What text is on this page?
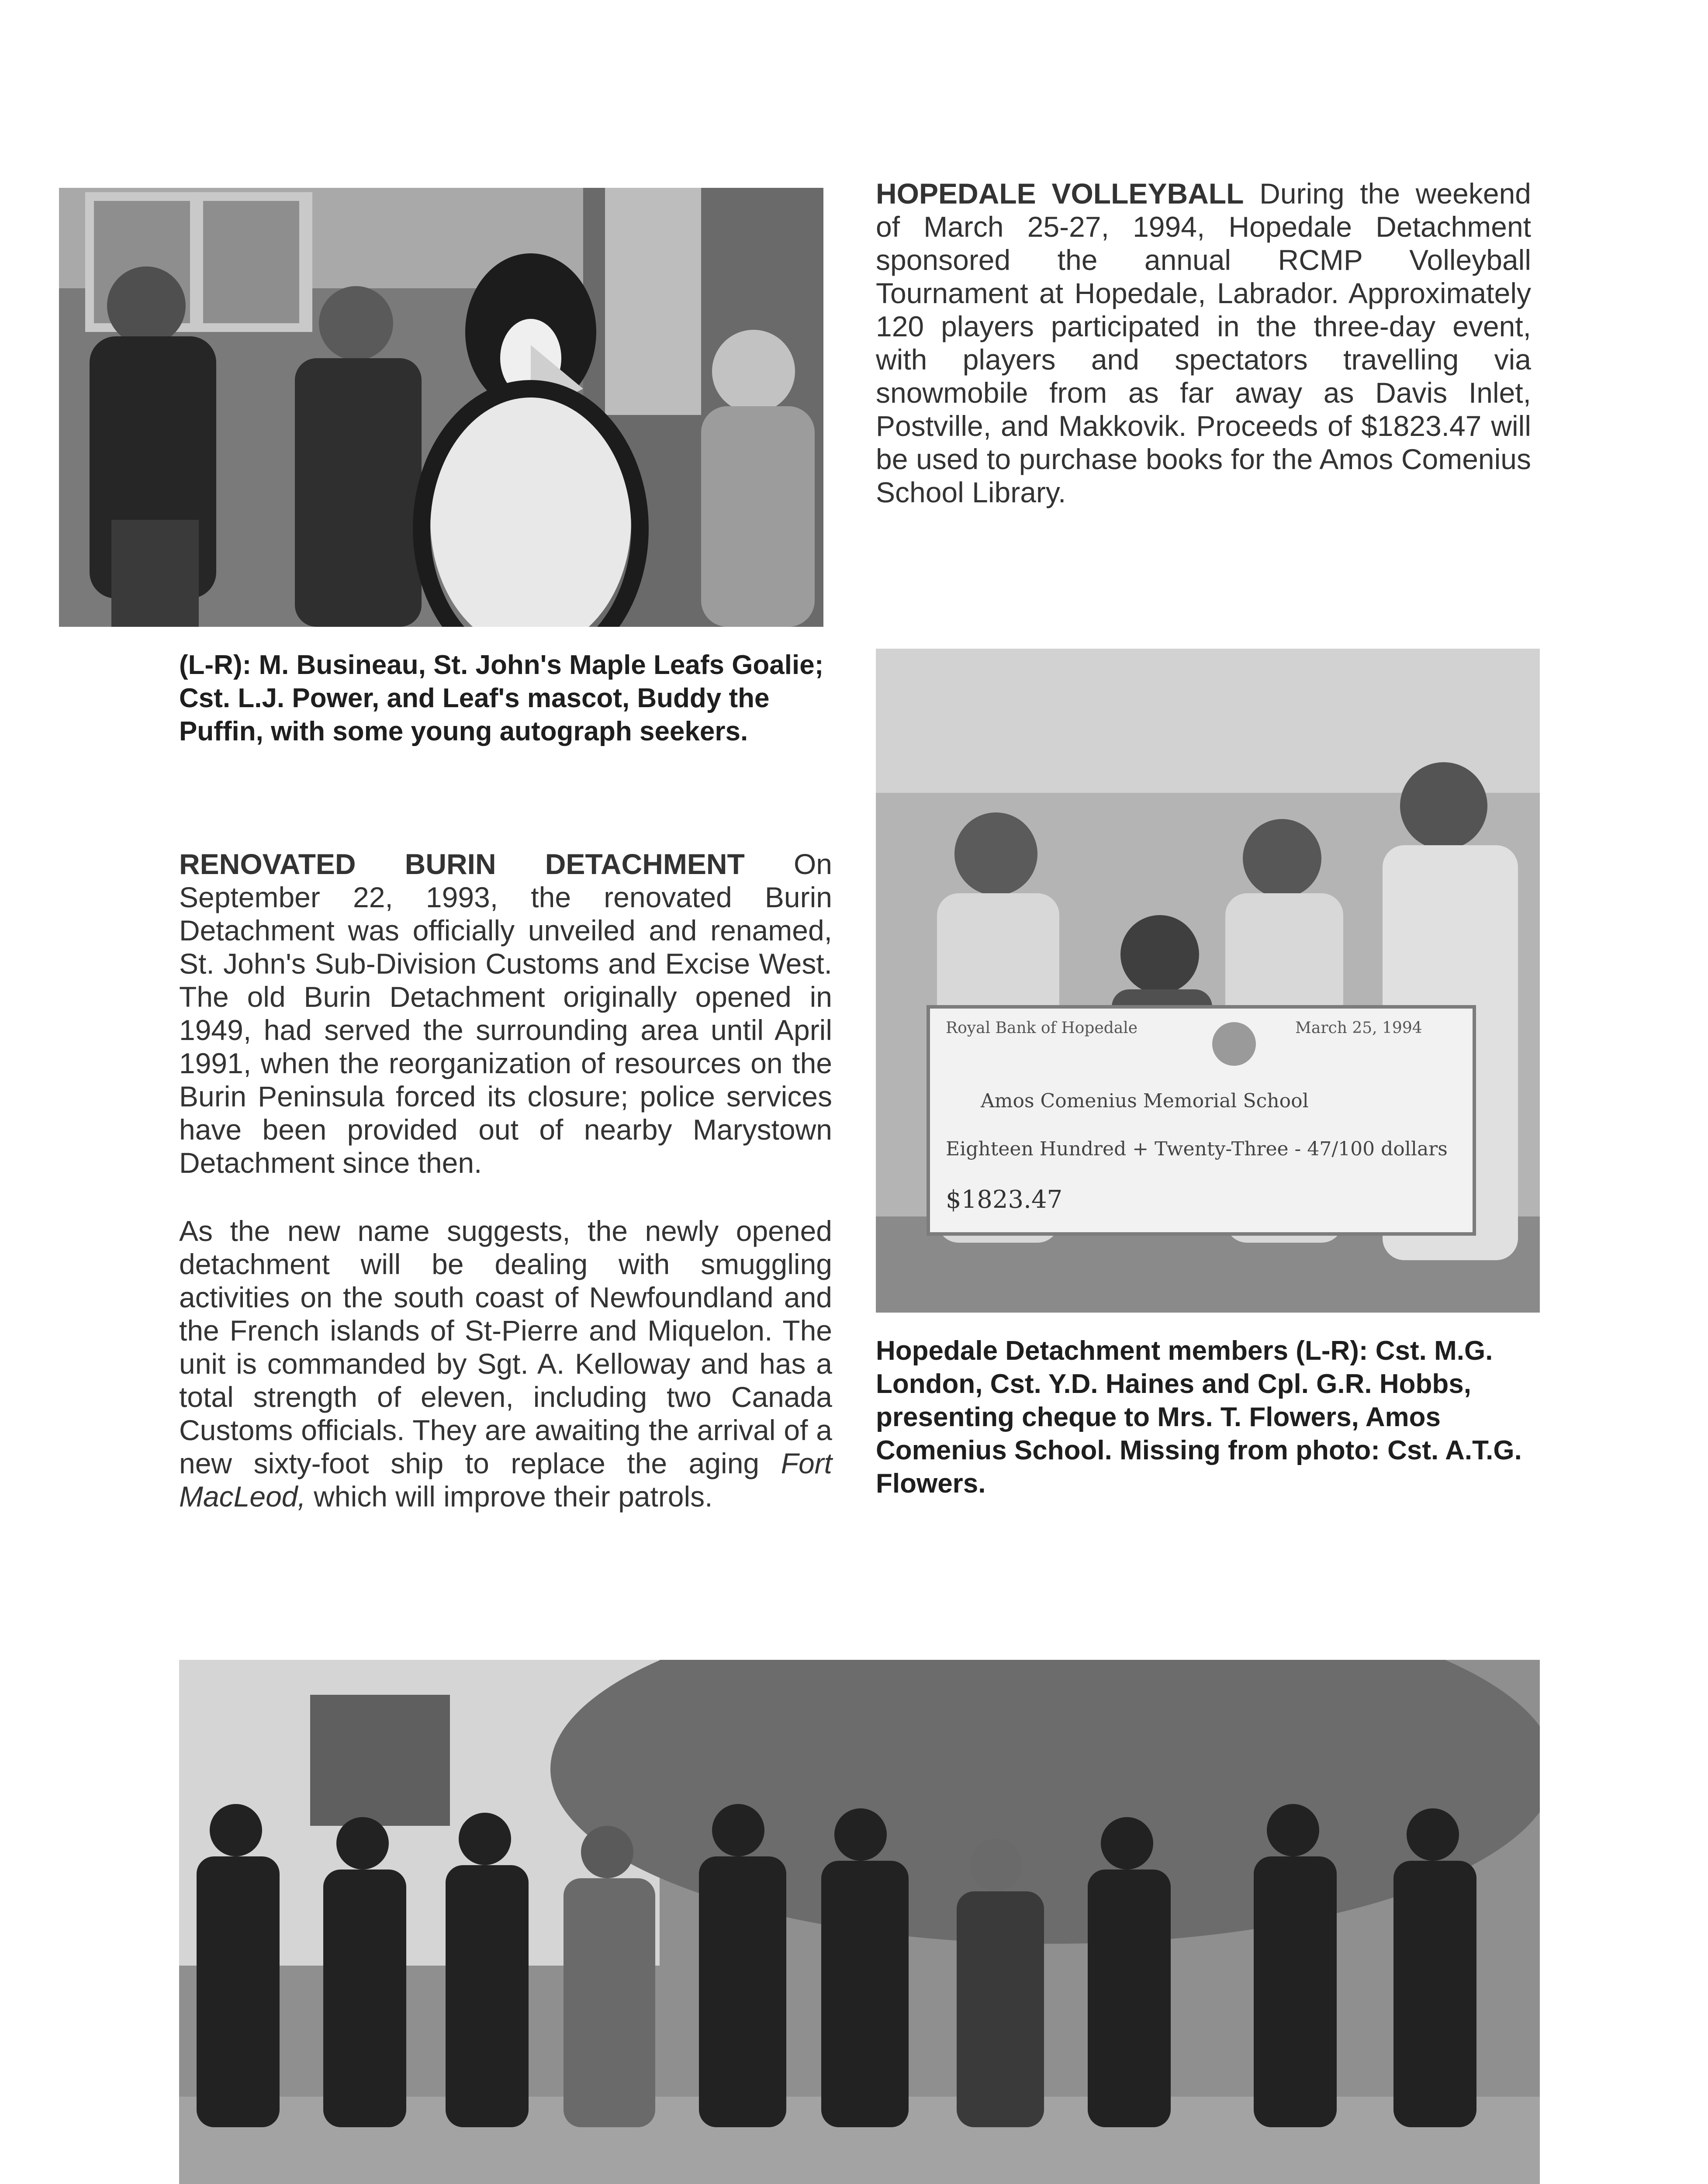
HOPEDALE VOLLEYBALL During the weekend of March 25-27, 1994, Hopedale Detachment sponsored the annual RCMP Volleyball Tournament at Hopedale, Labrador. Approximately 120 players participated in the three-day event, with players and spectators travelling via snowmobile from as far away as Davis Inlet, Postville, and Makkovik. Proceeds of $1823.47 will be used to purchase books for the Amos Comenius School Library.
(L-R): M. Busineau, St. John's Maple Leafs Goalie; Cst. L.J. Power, and Leaf's mascot, Buddy the Puffin, with some young autograph seekers.
RENOVATED BURIN DETACHMENT On September 22, 1993, the renovated Burin Detachment was officially unveiled and renamed, St. John's Sub-Division Customs and Excise West. The old Burin Detachment originally opened in 1949, had served the surrounding area until April 1991, when the reorganization of resources on the Burin Peninsula forced its closure; police services have been provided out of nearby Marystown Detachment since then.
As the new name suggests, the newly opened detachment will be dealing with smuggling activities on the south coast of Newfoundland and the French islands of St-Pierre and Miquelon. The unit is commanded by Sgt. A. Kelloway and has a total strength of eleven, including two Canada Customs officials. They are awaiting the arrival of a new sixty-foot ship to replace the aging Fort MacLeod, which will improve their patrols.
Royal Bank of Hopedale	March 25, 1994
Amos Comenius Memorial School
Eighteen Hundred + Twenty-Three - 47/100 dollars
$1823.47
Hopedale Detachment members (L-R): Cst. M.G. London, Cst. Y.D. Haines and Cpl. G.R. Hobbs, presenting cheque to Mrs. T. Flowers, Amos Comenius School. Missing from photo: Cst. A.T.G. Flowers.
